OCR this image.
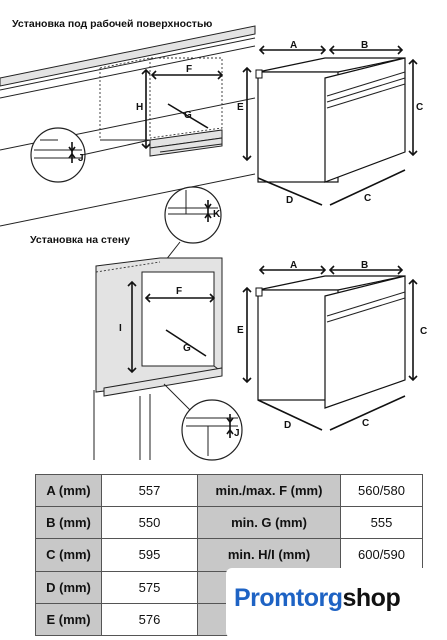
Установка под рабочей поверхностью
Установка на стену
H
F
G
J
A	B
E	C
D	C
K
I
F
G
J
A	B
E	C
D	C
A (mm)	557	min./max. F (mm)	560/580
B (mm)	550	min. G (mm)	555
C (mm)	595	min. H/I (mm)	600/590
D (mm)	575		
E (mm)	576		
Promtorgshop
